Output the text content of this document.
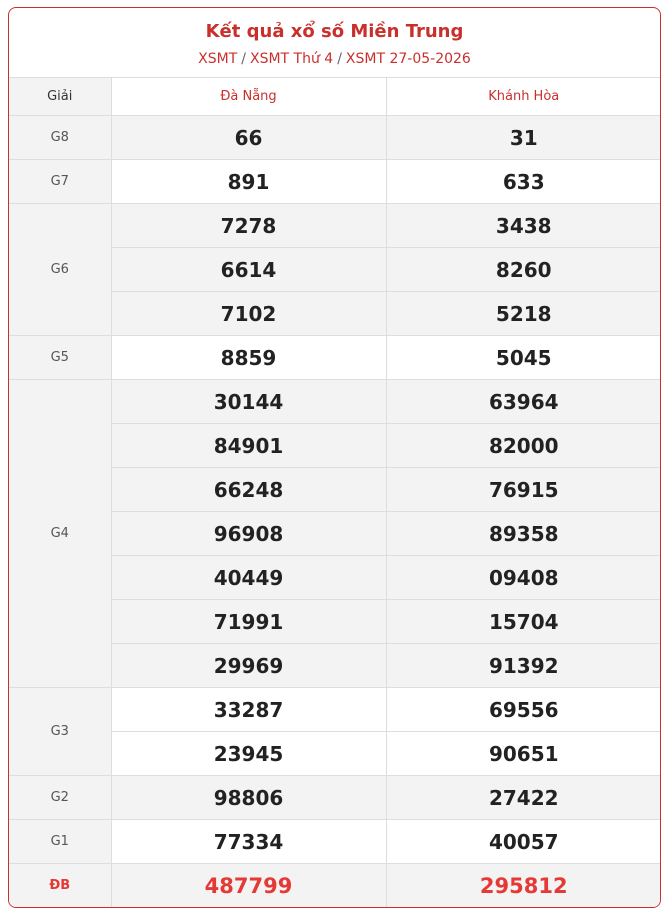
Kết quả xổ số Miền Trung
XSMT / XSMT Thứ 4 / XSMT 27-05-2026
Giải	Đà Nẵng	Khánh Hòa
G8	66	31
G7	891	633
G6	7278	3438
	6614	8260
	7102	5218
G5	8859	5045
G4	30144	63964
	84901	82000
	66248	76915
	96908	89358
	40449	09408
	71991	15704
	29969	91392
G3	33287	69556
	23945	90651
G2	98806	27422
G1	77334	40057
ĐB	487799	295812
